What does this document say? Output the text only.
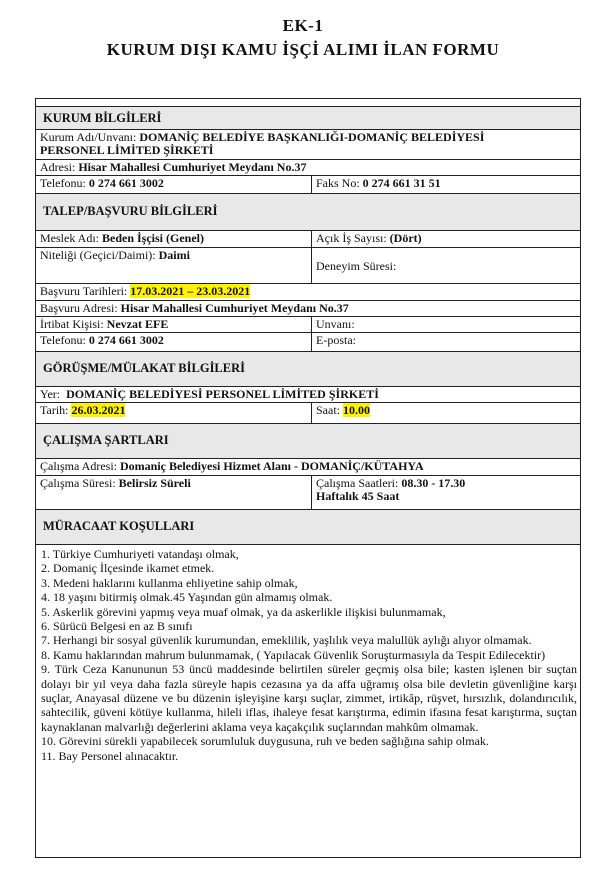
EK-1
KURUM DIŞI KAMU İŞÇİ ALIMI İLAN FORMU
KURUM BİLGİLERİ
Kurum Adı/Unvanı: DOMANİÇ BELEDİYE BAŞKANLIĞI-DOMANİÇ BELEDİYESİ
PERSONEL LİMİTED ŞİRKETİ
Adresi: Hisar Mahallesi Cumhuriyet Meydanı No.37
Telefonu: 0 274 661 3002	Faks No: 0 274 661 31 51
TALEP/BAŞVURU BİLGİLERİ
Meslek Adı: Beden İşçisi (Genel)	Açık İş Sayısı: (Dört)
Niteliği (Geçici/Daimi): Daimi
Deneyim Süresi:
Başvuru Tarihleri: 17.03.2021 – 23.03.2021
Başvuru Adresi: Hisar Mahallesi Cumhuriyet Meydanı No.37
İrtibat Kişisi: Nevzat EFE	Unvanı:
Telefonu: 0 274 661 3002	E-posta:
GÖRÜŞME/MÜLAKAT BİLGİLERİ
Yer: DOMANİÇ BELEDİYESİ PERSONEL LİMİTED ŞİRKETİ
Tarih: 26.03.2021	Saat: 10.00
ÇALIŞMA ŞARTLARI
Çalışma Adresi: Domaniç Belediyesi Hizmet Alanı - DOMANİÇ/KÜTAHYA
Çalışma Süresi: Belirsiz Süreli	Çalışma Saatleri: 08.30 - 17.30
Haftalık 45 Saat
MÜRACAAT KOŞULLARI
1. Türkiye Cumhuriyeti vatandaşı olmak,
2. Domaniç İlçesinde ikamet etmek.
3. Medeni haklarını kullanma ehliyetine sahip olmak,
4. 18 yaşını bitirmiş olmak.45 Yaşından gün almamış olmak.
5. Askerlik görevini yapmış veya muaf olmak, ya da askerlikle ilişkisi bulunmamak,
6. Sürücü Belgesi en az B sınıfı
7. Herhangi bir sosyal güvenlik kurumundan, emeklilik, yaşlılık veya malullük aylığı alıyor olmamak.
8. Kamu haklarından mahrum bulunmamak, ( Yapılacak Güvenlik Soruşturmasıyla da Tespit Edilecektir)
9. Türk Ceza Kanununun 53 üncü maddesinde belirtilen süreler geçmiş olsa bile; kasten işlenen bir suçtan dolayı bir yıl veya daha fazla süreyle hapis cezasına ya da affa uğramış olsa bile devletin güvenliğine karşı suçlar, Anayasal düzene ve bu düzenin işleyişine karşı suçlar, zimmet, irtikâp, rüşvet, hırsızlık, dolandırıcılık, sahtecilik, güveni kötüye kullanma, hileli iflas, ihaleye fesat karıştırma, edimin ifasına fesat karıştırma, suçtan kaynaklanan malvarlığı değerlerini aklama veya kaçakçılık suçlarından mahkûm olmamak.
10. Görevini sürekli yapabilecek sorumluluk duygusuna, ruh ve beden sağlığına sahip olmak.
11. Bay Personel alınacaktır.
